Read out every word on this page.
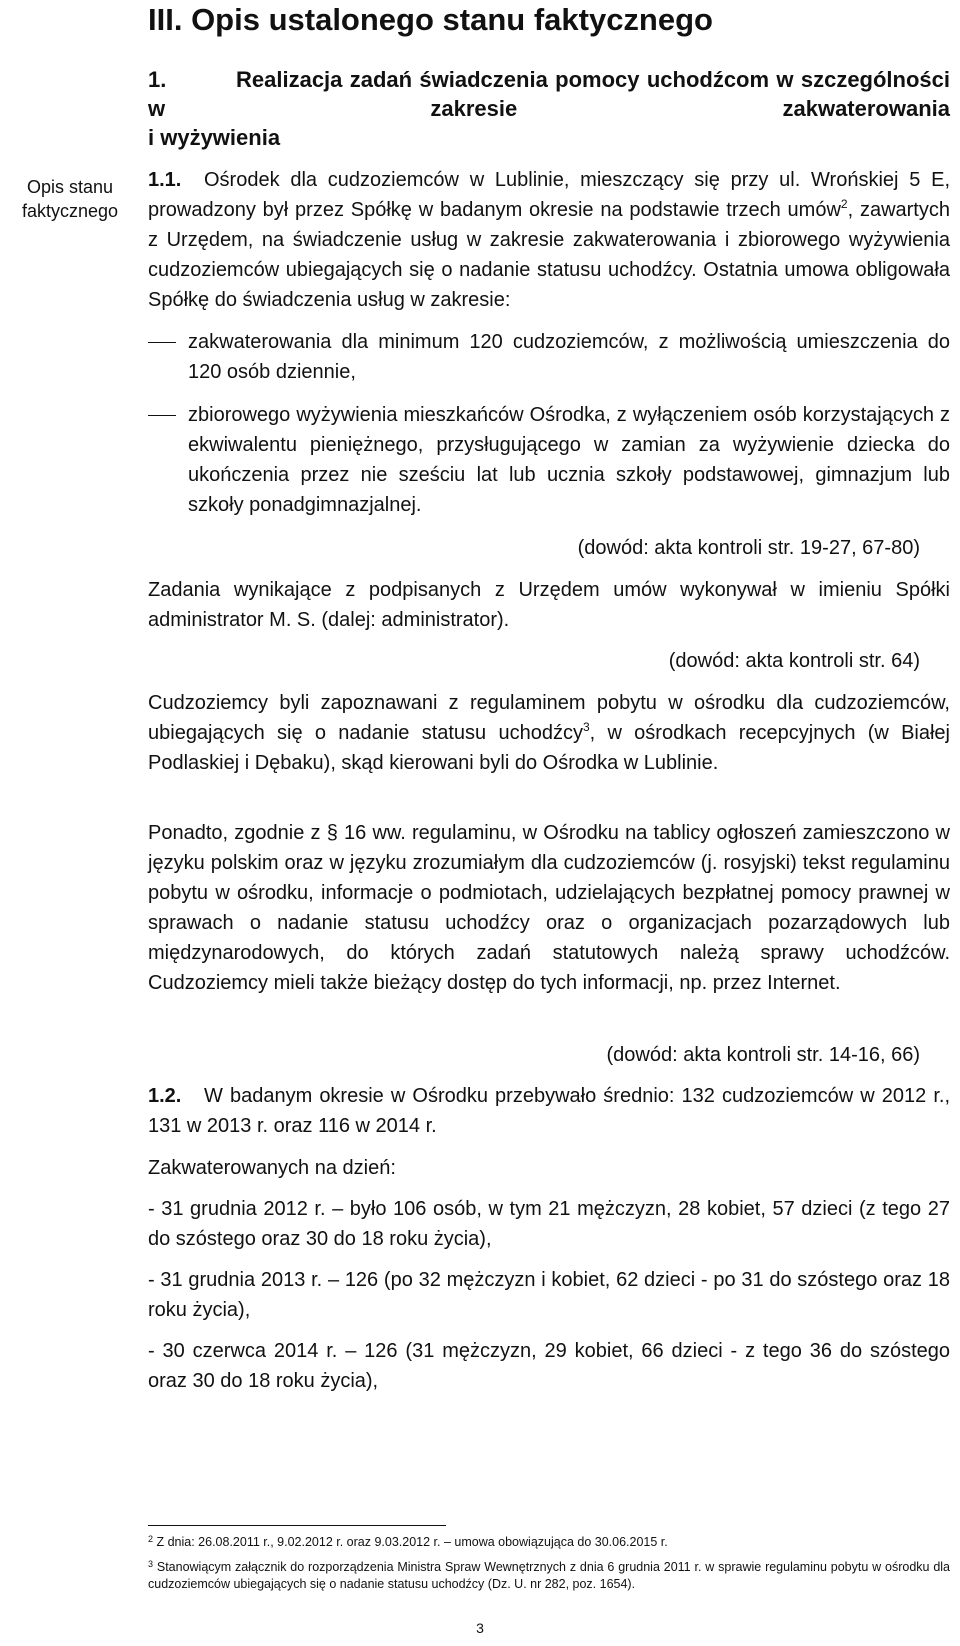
III. Opis ustalonego stanu faktycznego
Opis stanu
faktycznego
1.	Realizacja zadań świadczenia pomocy uchodźcom w szczególności w zakresie zakwaterowania
i wyżywienia

1.1. Ośrodek dla cudzoziemców w Lublinie, mieszczący się przy ul. Wrońskiej 5 E, prowadzony był przez Spółkę w badanym okresie na podstawie trzech umów$^2$, zawartych z Urzędem, na świadczenie usług w zakresie zakwaterowania i zbiorowego wyżywienia cudzoziemców ubiegających się o nadanie statusu uchodźcy. Ostatnia umowa obligowała Spółkę do świadczenia usług w zakresie:

zakwaterowania dla minimum 120 cudzoziemców, z możliwością umieszczenia do 120 osób dziennie,
zbiorowego wyżywienia mieszkańców Ośrodka, z wyłączeniem osób korzystających z ekwiwalentu pieniężnego, przysługującego w zamian za wyżywienie dziecka do ukończenia przez nie sześciu lat lub ucznia szkoły podstawowej, gimnazjum lub szkoły ponadgimnazjalnej.
(dowód: akta kontroli str. 19-27, 67-80)

Zadania wynikające z podpisanych z Urzędem umów wykonywał w imieniu Spółki administrator M. S. (dalej: administrator).

(dowód: akta kontroli str. 64)

Cudzoziemcy byli zapoznawani z regulaminem pobytu w ośrodku dla cudzoziemców, ubiegających się o nadanie statusu uchodźcy$^3$, w ośrodkach recepcyjnych (w Białej Podlaskiej i Dębaku), skąd kierowani byli do Ośrodka w Lublinie.

Ponadto, zgodnie z § 16 ww. regulaminu, w Ośrodku na tablicy ogłoszeń zamieszczono w języku polskim oraz w języku zrozumiałym dla cudzoziemców (j. rosyjski) tekst regulaminu pobytu w ośrodku, informacje o podmiotach, udzielających bezpłatnej pomocy prawnej w sprawach o nadanie statusu uchodźcy oraz o organizacjach pozarządowych lub międzynarodowych, do których zadań statutowych należą sprawy uchodźców. Cudzoziemcy mieli także bieżący dostęp do tych informacji, np. przez Internet.

(dowód: akta kontroli str. 14-16, 66)

1.2. W badanym okresie w Ośrodku przebywało średnio: 132 cudzoziemców w 2012 r., 131 w 2013 r. oraz 116 w 2014 r.

Zakwaterowanych na dzień:

- 31 grudnia 2012 r. – było 106 osób, w tym 21 mężczyzn, 28 kobiet, 57 dzieci (z tego 27 do szóstego oraz 30 do 18 roku życia),

- 31 grudnia 2013 r. – 126 (po 32 mężczyzn i kobiet, 62 dzieci - po 31 do szóstego oraz 18 roku życia),

- 30 czerwca 2014 r. – 126 (31 mężczyzn, 29 kobiet, 66 dzieci - z tego 36 do szóstego oraz 30 do 18 roku życia),

$^2$ Z dnia: 26.08.2011 r., 9.02.2012 r. oraz 9.03.2012 r. – umowa obowiązująca do 30.06.2015 r.

$^3$ Stanowiącym załącznik do rozporządzenia Ministra Spraw Wewnętrznych z dnia 6 grudnia 2011 r. w sprawie regulaminu pobytu w ośrodku dla cudzoziemców ubiegających się o nadanie statusu uchodźcy (Dz. U. nr 282, poz. 1654).

3
